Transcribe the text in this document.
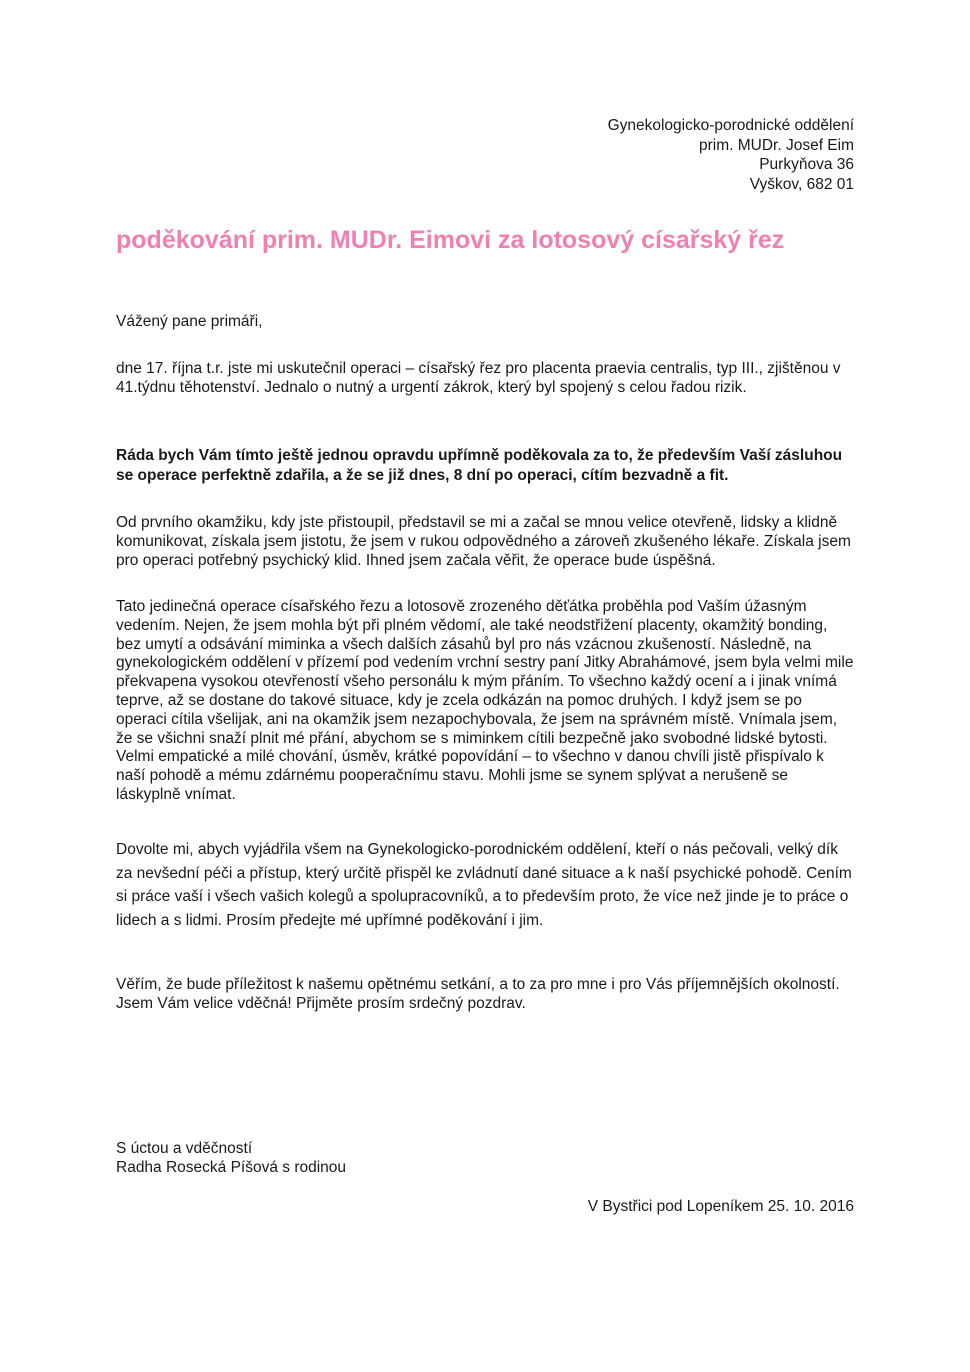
Gynekologicko-porodnické oddělení
prim. MUDr. Josef Eim
Purkyňova 36
Vyškov, 682 01
poděkování prim. MUDr. Eimovi za lotosový císařský řez

Vážený pane primáři,

dne 17. října t.r. jste mi uskutečnil operaci – císařský řez pro placenta praevia centralis, typ III., zjištěnou v 41.týdnu těhotenství. Jednalo o nutný a urgentí zákrok, který byl spojený s celou řadou rizik.

Ráda bych Vám tímto ještě jednou opravdu upřímně poděkovala za to, že především Vaší zásluhou se operace perfektně zdařila, a že se již dnes, 8 dní po operaci, cítím bezvadně a fit.

Od prvního okamžiku, kdy jste přistoupil, představil se mi a začal se mnou velice otevřeně, lidsky a klidně komunikovat, získala jsem jistotu, že jsem v rukou odpovědného a zároveň zkušeného lékaře. Získala jsem pro operaci potřebný psychický klid. Ihned jsem začala věřit, že operace bude úspěšná.

Tato jedinečná operace císařského řezu a lotosově zrozeného děťátka proběhla pod Vaším úžasným vedením. Nejen, že jsem mohla být při plném vědomí, ale také neodstřižení placenty, okamžitý bonding, bez umytí a odsávání miminka a všech dalších zásahů byl pro nás vzácnou zkušeností. Následně, na gynekologickém oddělení v přízemí pod vedením vrchní sestry paní Jitky Abrahámové, jsem byla velmi mile překvapena vysokou otevřeností všeho personálu k mým přáním. To všechno každý ocení a i jinak vnímá teprve, až se dostane do takové situace, kdy je zcela odkázán na pomoc druhých. I když jsem se po operaci cítila všelijak, ani na okamžik jsem nezapochybovala, že jsem na správném místě. Vnímala jsem, že se všichni snaží plnit mé přání, abychom se s miminkem cítili bezpečně jako svobodné lidské bytosti. Velmi empatické a milé chování, úsměv, krátké popovídání – to všechno v danou chvíli jistě přispívalo k naší pohodě a mému zdárnému pooperačnímu stavu. Mohli jsme se synem splývat a nerušeně se láskyplně vnímat.

Dovolte mi, abych vyjádřila všem na Gynekologicko-porodnickém oddělení, kteří o nás pečovali, velký dík za nevšední péči a přístup, který určitě přispěl ke zvládnutí dané situace a k naší psychické pohodě. Cením si práce vaší i všech vašich kolegů a spolupracovníků, a to především proto, že více než jinde je to práce o lidech a s lidmi. Prosím předejte mé upřímné poděkování i jim.

Věřím, že bude příležitost k našemu opětnému setkání, a to za pro mne i pro Vás příjemnějších okolností. Jsem Vám velice vděčná! Přijměte prosím srdečný pozdrav.

S úctou a vděčností
Radha Rosecká Píšová s rodinou
V Bystřici pod Lopeníkem 25. 10. 2016
